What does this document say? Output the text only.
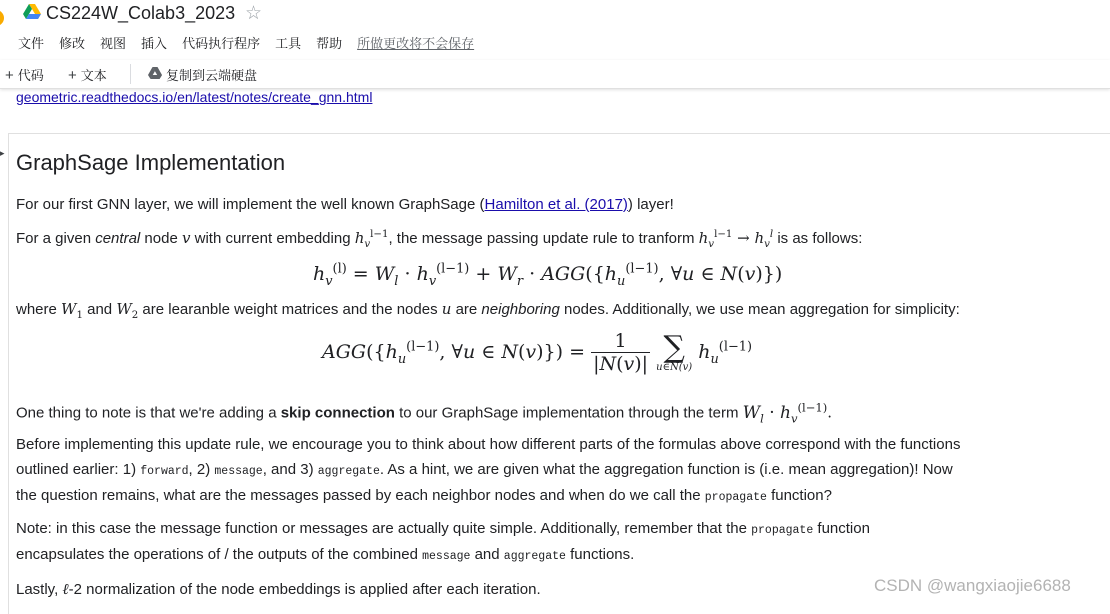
CS224W_Colab3_2023 ☆
文件 修改 视图 插入 代码执行程序 工具 帮助 所做更改将不会保存
+ 代码 + 文本	复制到云端硬盘
geometric.readthedocs.io/en/latest/notes/create_gnn.html
▸ GraphSage Implementation
For our first GNN layer, we will implement the well known GraphSage (Hamilton et al. (2017)) layer!
For a given central node v with current embedding $h_v^{l-1}$, the message passing update rule to tranform $h_v^{l-1} \to h_v^l$ is as follows:
$h_v^{(l)} = W_l \cdot h_v^{(l-1)} + W_r \cdot AGG(\{h_u^{(l-1)}$, ∀u ∈ N(v)})
where $W_1$ and $W_2$ are learanble weight matrices and the nodes u are neighboring nodes. Additionally, we use mean aggregation for simplicity:
$AGG(\{h_u^{(l-1)}$, ∀u ∈ $N(v)\}) = \frac{1}{|N(v)|}$
∑
u∈N(v)
$h_u^{(l-1)}$
One thing to note is that we're adding a skip connection to our GraphSage implementation through the term $W_l \cdot h_v^{(l-1)}$.
Before implementing this update rule, we encourage you to think about how different parts of the formulas above correspond with the functions
outlined earlier: 1) forward, 2) message, and 3) aggregate. As a hint, we are given what the aggregation function is (i.e. mean aggregation)! Now
the question remains, what are the messages passed by each neighbor nodes and when do we call the propagate function?
Note: in this case the message function or messages are actually quite simple. Additionally, remember that the propagate function
encapsulates the operations of / the outputs of the combined message and aggregate functions.
Lastly, ℓ-2 normalization of the node embeddings is applied after each iteration.	CSDN @wangxiaojie6688
